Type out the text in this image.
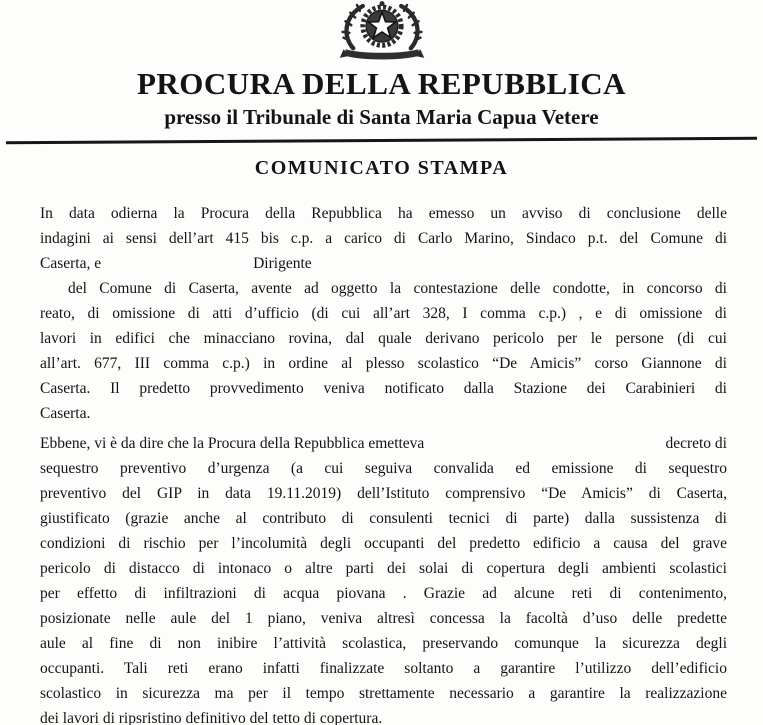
PROCURA DELLA REPUBBLICA
presso il Tribunale di Santa Maria Capua Vetere
COMUNICATO STAMPA
In data odierna la Procura della Repubblica ha emesso un avviso di conclusione delle
indagini ai sensi dell’art 415 bis c.p. a carico di Carlo Marino, Sindaco p.t. del Comune di
Caserta, e	Dirigente
del Comune di Caserta, avente ad oggetto la contestazione delle condotte, in concorso di
reato, di omissione di atti d’ufficio (di cui all’art 328, I comma c.p.) , e di omissione di
lavori in edifici che minacciano rovina, dal quale derivano pericolo per le persone (di cui
all’art. 677, III comma c.p.) in ordine al plesso scolastico “De Amicis” corso Giannone di
Caserta. Il predetto provvedimento veniva notificato dalla Stazione dei Carabinieri di
Caserta.
Ebbene, vi è da dire che la Procura della Repubblica emetteva	decreto di
sequestro preventivo d’urgenza (a cui seguiva convalida ed emissione di sequestro
preventivo del GIP in data 19.11.2019) dell’Istituto comprensivo “De Amicis” di Caserta,
giustificato (grazie anche al contributo di consulenti tecnici di parte) dalla sussistenza di
condizioni di rischio per l’incolumità degli occupanti del predetto edificio a causa del grave
pericolo di distacco di intonaco o altre parti dei solai di copertura degli ambienti scolastici
per effetto di infiltrazioni di acqua piovana . Grazie ad alcune reti di contenimento,
posizionate nelle aule del 1 piano, veniva altresì concessa la facoltà d’uso delle predette
aule al fine di non inibire l’attività scolastica, preservando comunque la sicurezza degli
occupanti. Tali reti erano infatti finalizzate soltanto a garantire l’utilizzo dell’edificio
scolastico in sicurezza ma per il tempo strettamente necessario a garantire la realizzazione
dei lavori di ripsristino definitivo del tetto di copertura.
